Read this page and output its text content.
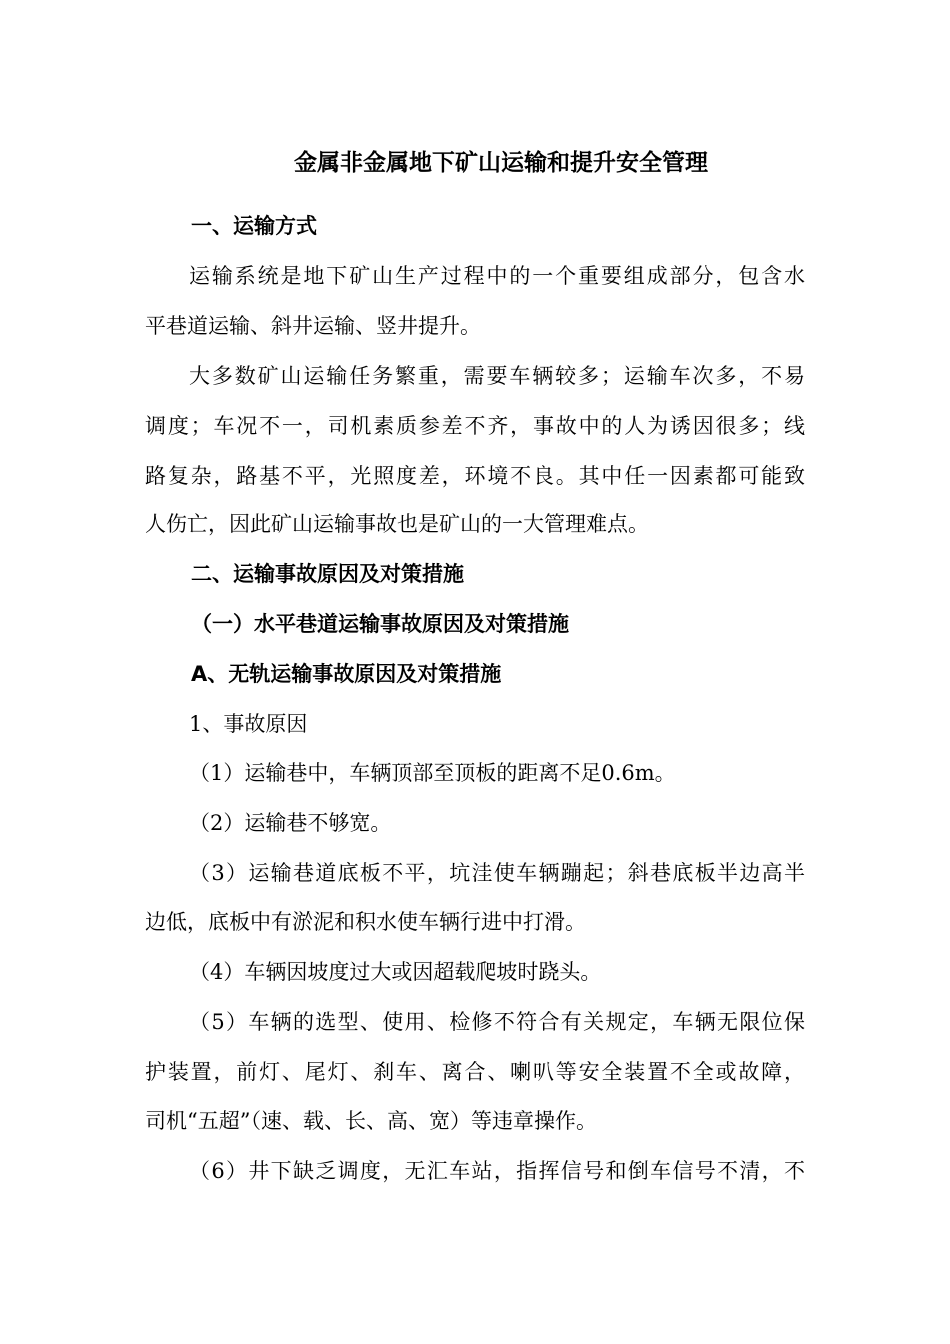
金属非金属地下矿山运输和提升安全管理

一、运输方式

运输系统是地下矿山生产过程中的一个重要组成部分，包含水

平巷道运输、斜井运输、竖井提升。

大多数矿山运输任务繁重，需要车辆较多；运输车次多，不易

调度；车况不一，司机素质参差不齐，事故中的人为诱因很多；线

路复杂，路基不平，光照度差，环境不良。其中任一因素都可能致

人伤亡，因此矿山运输事故也是矿山的一大管理难点。

二、运输事故原因及对策措施

（一）水平巷道运输事故原因及对策措施

A、无轨运输事故原因及对策措施

1、事故原因

（1）运输巷中，车辆顶部至顶板的距离不足0.6m。

（2）运输巷不够宽。

（3）运输巷道底板不平，坑洼使车辆蹦起；斜巷底板半边高半

边低，底板中有淤泥和积水使车辆行进中打滑。

（4）车辆因坡度过大或因超载爬坡时跷头。

（5）车辆的选型、使用、检修不符合有关规定，车辆无限位保

护装置，前灯、尾灯、刹车、离合、喇叭等安全装置不全或故障，

司机“五超”（速、载、长、高、宽）等违章操作。

（6）井下缺乏调度，无汇车站，指挥信号和倒车信号不清，不
